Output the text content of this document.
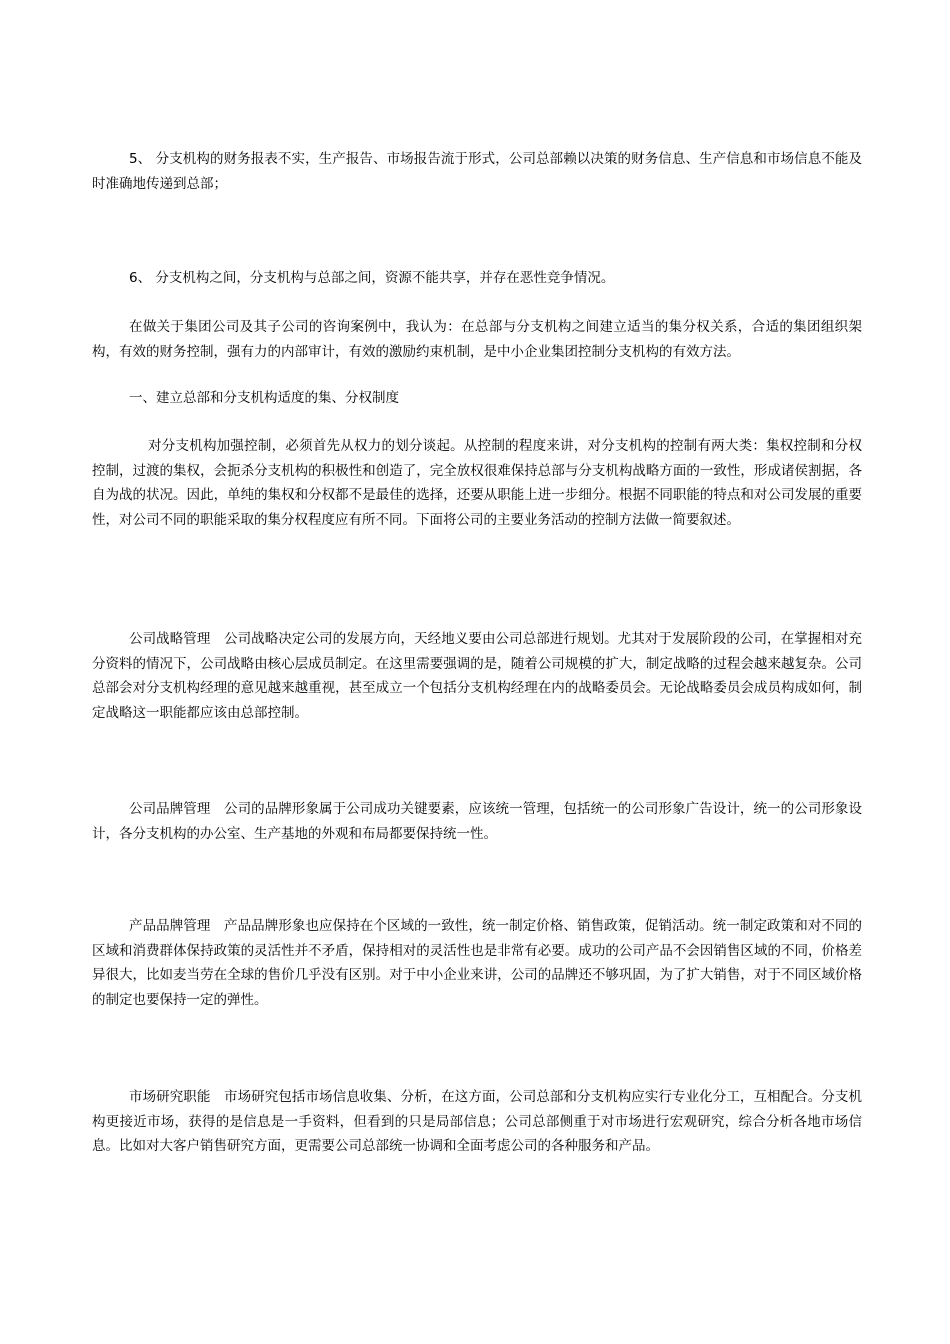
5、 分支机构的财务报表不实，生产报告、市场报告流于形式，公司总部赖以决策的财务信息、生产信息和市场信息不能及时准确地传递到总部；

6、 分支机构之间，分支机构与总部之间，资源不能共享，并存在恶性竞争情况。

在做关于集团公司及其子公司的咨询案例中，我认为：在总部与分支机构之间建立适当的集分权关系，合适的集团组织架构，有效的财务控制，强有力的内部审计，有效的激励约束机制，是中小企业集团控制分支机构的有效方法。

一、建立总部和分支机构适度的集、分权制度

对分支机构加强控制，必须首先从权力的划分谈起。从控制的程度来讲，对分支机构的控制有两大类：集权控制和分权控制，过渡的集权，会扼杀分支机构的积极性和创造了，完全放权很难保持总部与分支机构战略方面的一致性，形成诸侯割据，各自为战的状况。因此，单纯的集权和分权都不是最佳的选择，还要从职能上进一步细分。根据不同职能的特点和对公司发展的重要性，对公司不同的职能采取的集分权程度应有所不同。下面将公司的主要业务活动的控制方法做一简要叙述。

公司战略管理　公司战略决定公司的发展方向，天经地义要由公司总部进行规划。尤其对于发展阶段的公司，在掌握相对充分资料的情况下，公司战略由核心层成员制定。在这里需要强调的是，随着公司规模的扩大，制定战略的过程会越来越复杂。公司总部会对分支机构经理的意见越来越重视，甚至成立一个包括分支机构经理在内的战略委员会。无论战略委员会成员构成如何，制定战略这一职能都应该由总部控制。

公司品牌管理　公司的品牌形象属于公司成功关键要素，应该统一管理，包括统一的公司形象广告设计，统一的公司形象设计，各分支机构的办公室、生产基地的外观和布局都要保持统一性。

产品品牌管理　产品品牌形象也应保持在个区域的一致性，统一制定价格、销售政策，促销活动。统一制定政策和对不同的区域和消费群体保持政策的灵活性并不矛盾，保持相对的灵活性也是非常有必要。成功的公司产品不会因销售区域的不同，价格差异很大，比如麦当劳在全球的售价几乎没有区别。对于中小企业来讲，公司的品牌还不够巩固，为了扩大销售，对于不同区域价格的制定也要保持一定的弹性。

市场研究职能　市场研究包括市场信息收集、分析，在这方面，公司总部和分支机构应实行专业化分工，互相配合。分支机构更接近市场，获得的是信息是一手资料，但看到的只是局部信息；公司总部侧重于对市场进行宏观研究，综合分析各地市场信息。比如对大客户销售研究方面，更需要公司总部统一协调和全面考虑公司的各种服务和产品。
